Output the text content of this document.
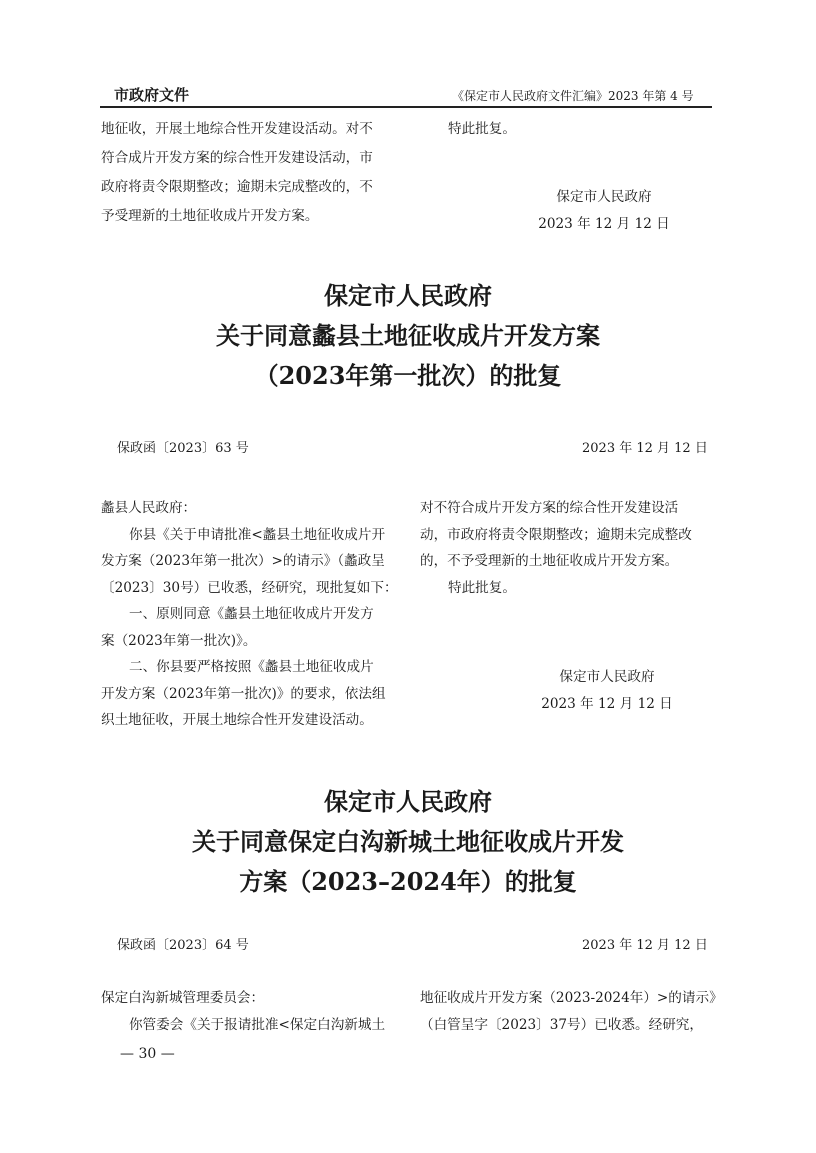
市政府文件	《保定市人民政府文件汇编》2023 年第 4 号
地征收，开展土地综合性开发建设活动。对不
符合成片开发方案的综合性开发建设活动，市
政府将责令限期整改；逾期未完成整改的，不
予受理新的土地征收成片开发方案。
特此批复。
保定市人民政府
2023 年 12 月 12 日
保定市人民政府
关于同意蠡县土地征收成片开发方案
（2023年第一批次）的批复
保政函〔2023〕63 号	2023 年 12 月 12 日
蠡县人民政府：
你县《关于申请批准<蠡县土地征收成片开
发方案（2023年第一批次）>的请示》（蠡政呈
〔2023〕30号）已收悉，经研究，现批复如下：
一、原则同意《蠡县土地征收成片开发方
案（2023年第一批次)》。
二、你县要严格按照《蠡县土地征收成片
开发方案（2023年第一批次)》的要求，依法组
织土地征收，开展土地综合性开发建设活动。
对不符合成片开发方案的综合性开发建设活
动，市政府将责令限期整改；逾期未完成整改
的，不予受理新的土地征收成片开发方案。
特此批复。
保定市人民政府
2023 年 12 月 12 日
保定市人民政府
关于同意保定白沟新城土地征收成片开发
方案（2023–2024年）的批复
保政函〔2023〕64 号	2023 年 12 月 12 日
保定白沟新城管理委员会：
你管委会《关于报请批准<保定白沟新城土
地征收成片开发方案（2023-2024年）>的请示》
（白管呈字〔2023〕37号）已收悉。经研究，
— 30 —
